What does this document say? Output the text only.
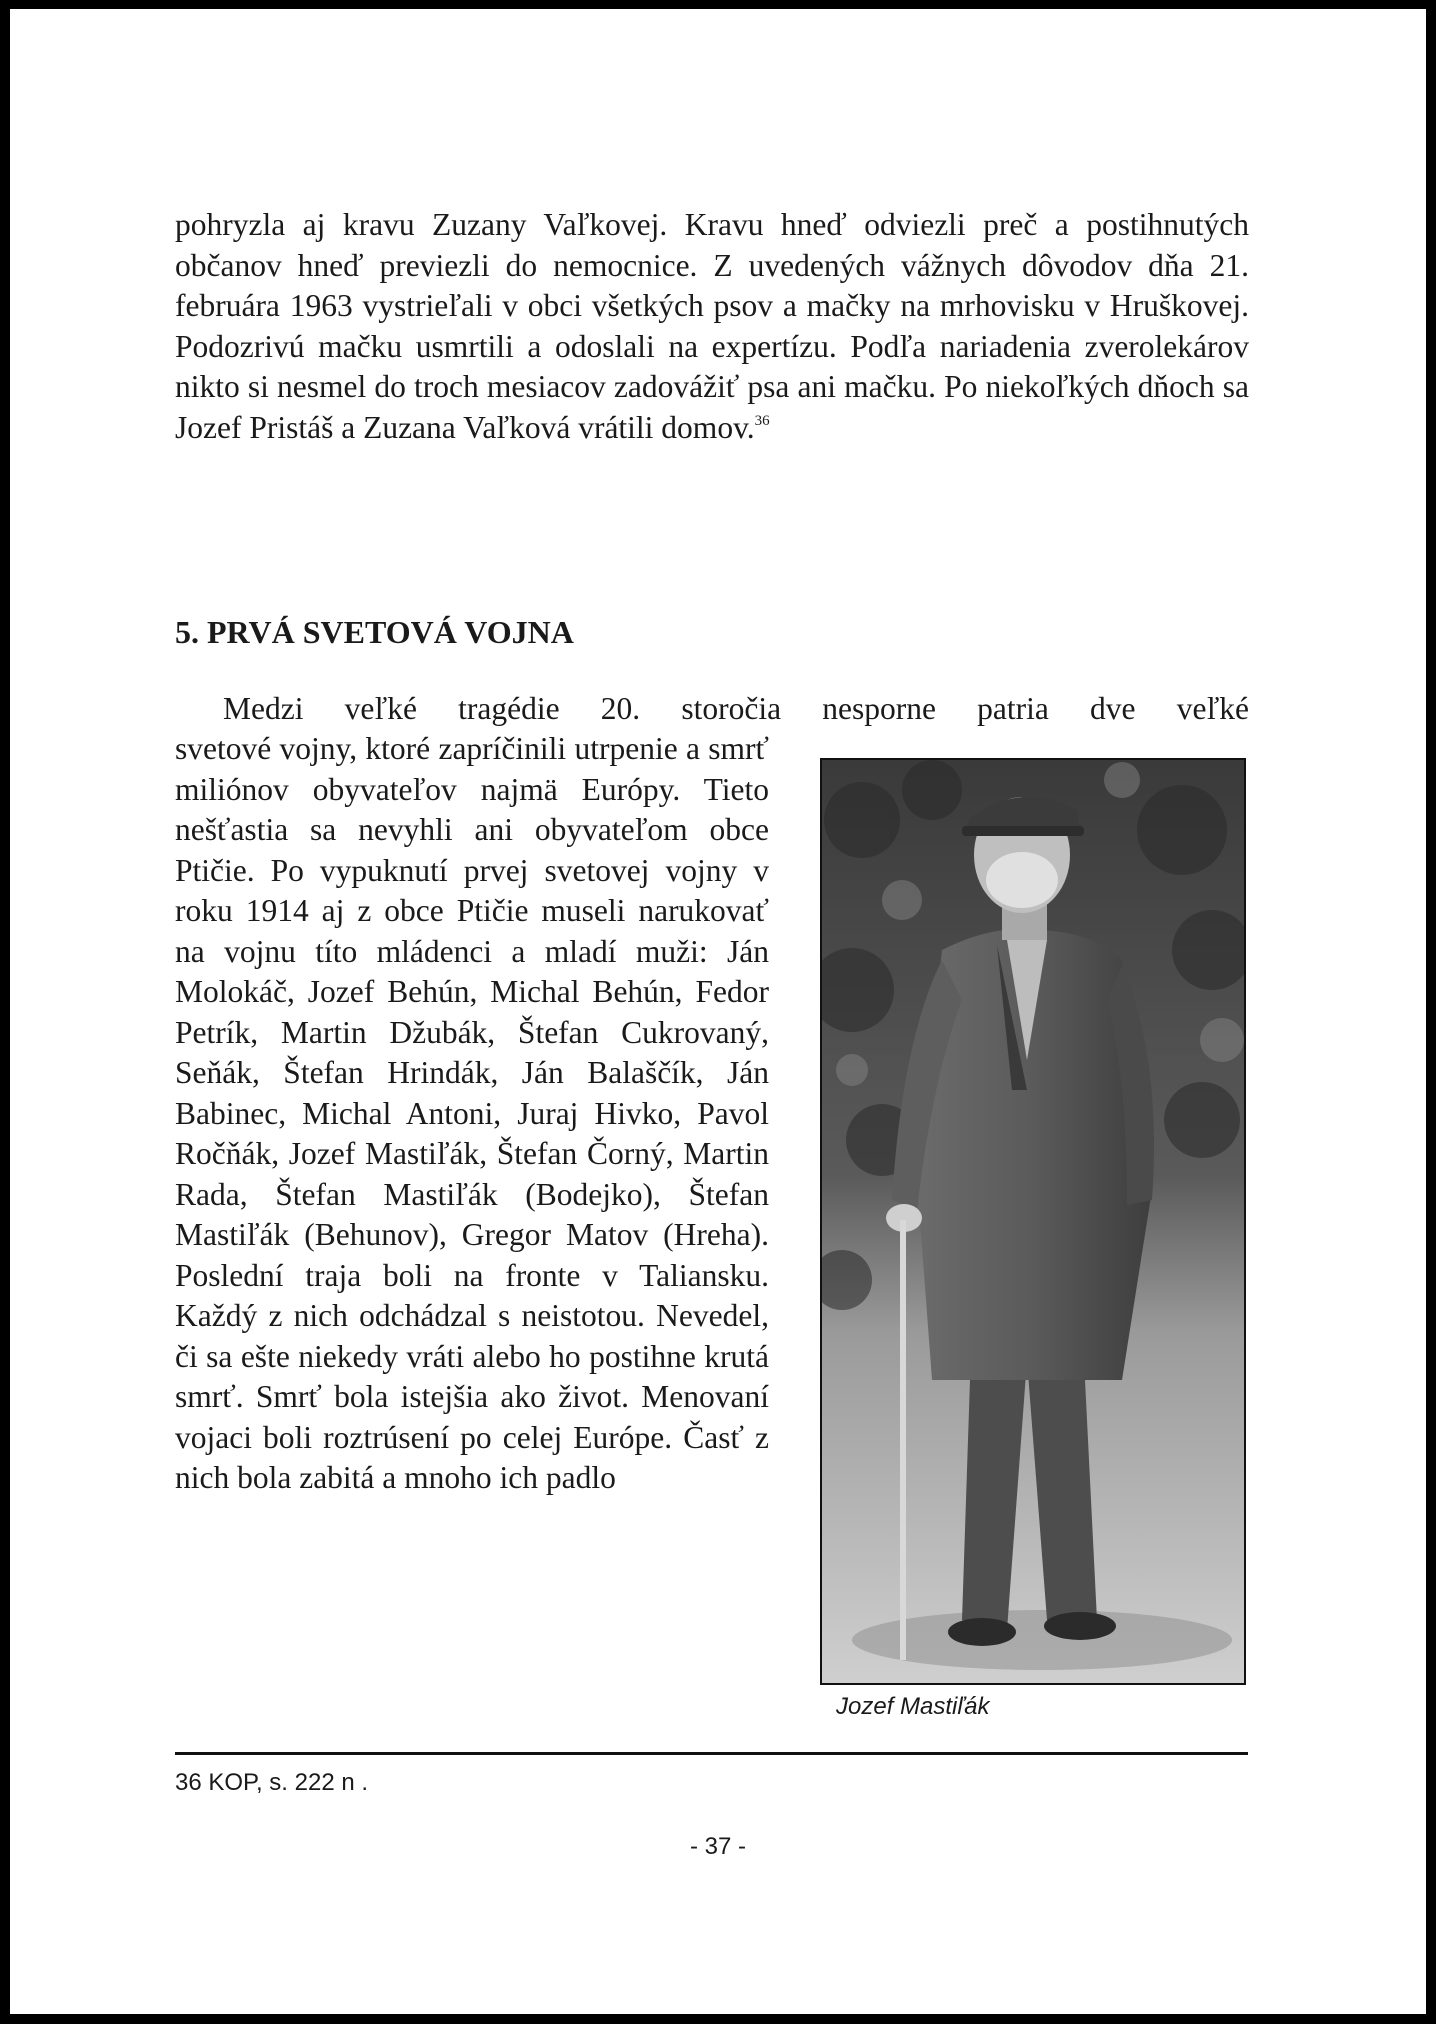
pohryzla aj kravu Zuzany Vaľkovej. Kravu hneď odviezli preč a postihnutých občanov hneď previezli do nemocnice. Z uvedených vážnych dôvodov dňa 21. februára 1963 vystrieľali v obci všetkých psov a mačky na mrhovisku v Hruškovej. Podozrivú mačku usmrtili a odoslali na expertízu. Podľa nariadenia zverolekárov nikto si nesmel do troch mesiacov zadovážiť psa ani mačku. Po niekoľkých dňoch sa Jozef Pristáš a Zuzana Vaľková vrátili domov.$^{36}$

5. PRVÁ SVETOVÁ VOJNA

Medzi veľké tragédie 20. storočia nesporne patria dve veľké

svetové vojny, ktoré zapríčinili utrpenie a smrť miliónov obyvateľov najmä Európy. Tieto nešťastia sa nevyhli ani obyvateľom obce Ptičie. Po vypuknutí prvej svetovej vojny v roku 1914 aj z obce Ptičie museli narukovať na vojnu títo mládenci a mladí muži: Ján Molokáč, Jozef Behún, Michal Behún, Fedor Petrík, Martin Džubák, Štefan Cukrovaný, Seňák, Štefan Hrindák, Ján Balaščík, Ján Babinec, Michal Antoni, Juraj Hivko, Pavol Ročňák, Jozef Mastiľák, Štefan Čorný, Martin Rada, Štefan Mastiľák (Bodejko), Štefan Mastiľák (Behunov), Gregor Matov (Hreha). Poslední traja boli na fronte v Taliansku. Každý z nich odchádzal s neistotou. Nevedel, či sa ešte niekedy vráti alebo ho postihne krutá smrť. Smrť bola istejšia ako život. Menovaní vojaci boli roztrúsení po celej Európe. Časť z nich bola zabitá a mnoho ich padlo

Jozef Mastiľák

36 KOP, s. 222 n .

- 37 -
